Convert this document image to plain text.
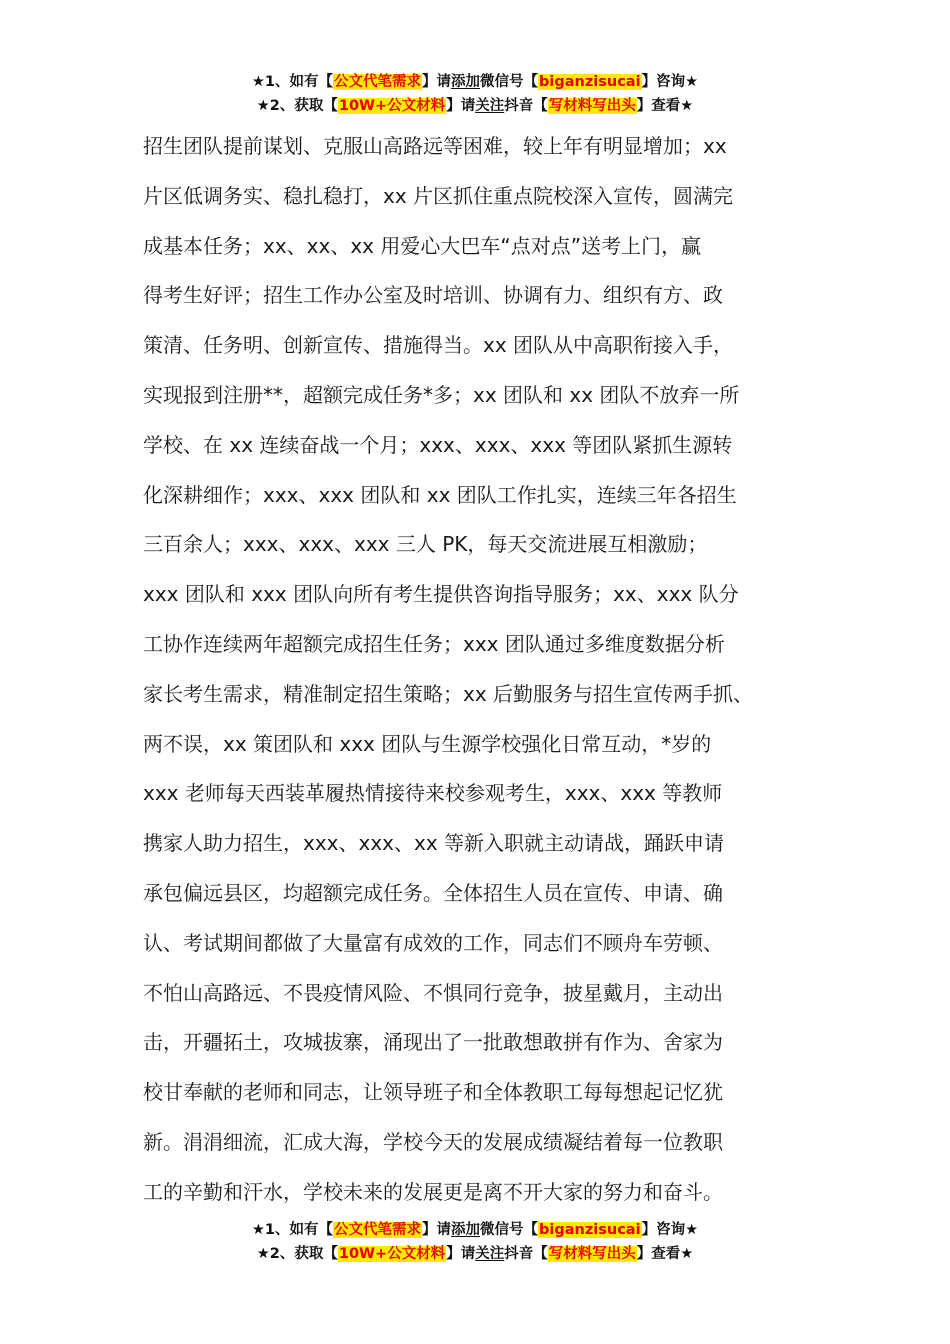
★1、如有【公文代笔需求】请添加微信号【biganzisucai】咨询★
★2、获取【10W+公文材料】请关注抖音【写材料写出头】查看★
招生团队提前谋划、克服山高路远等困难，较上年有明显增加；xx
片区低调务实、稳扎稳打，xx 片区抓住重点院校深入宣传，圆满完
成基本任务；xx、xx、xx 用爱心大巴车“点对点”送考上门，赢
得考生好评；招生工作办公室及时培训、协调有力、组织有方、政
策清、任务明、创新宣传、措施得当。xx 团队从中高职衔接入手，
实现报到注册**，超额完成任务*多；xx 团队和 xx 团队不放弃一所
学校、在 xx 连续奋战一个月；xxx、xxx、xxx 等团队紧抓生源转
化深耕细作；xxx、xxx 团队和 xx 团队工作扎实，连续三年各招生
三百余人；xxx、xxx、xxx 三人 PK，每天交流进展互相激励；
xxx 团队和 xxx 团队向所有考生提供咨询指导服务；xx、xxx 队分
工协作连续两年超额完成招生任务；xxx 团队通过多维度数据分析
家长考生需求，精准制定招生策略；xx 后勤服务与招生宣传两手抓、
两不误，xx 策团队和 xxx 团队与生源学校强化日常互动，*岁的
xxx 老师每天西装革履热情接待来校参观考生，xxx、xxx 等教师
携家人助力招生，xxx、xxx、xx 等新入职就主动请战，踊跃申请
承包偏远县区，均超额完成任务。全体招生人员在宣传、申请、确
认、考试期间都做了大量富有成效的工作，同志们不顾舟车劳顿、
不怕山高路远、不畏疫情风险、不惧同行竞争，披星戴月，主动出
击，开疆拓土，攻城拔寨，涌现出了一批敢想敢拼有作为、舍家为
校甘奉献的老师和同志，让领导班子和全体教职工每每想起记忆犹
新。涓涓细流，汇成大海，学校今天的发展成绩凝结着每一位教职
工的辛勤和汗水，学校未来的发展更是离不开大家的努力和奋斗。
★1、如有【公文代笔需求】请添加微信号【biganzisucai】咨询★
★2、获取【10W+公文材料】请关注抖音【写材料写出头】查看★
